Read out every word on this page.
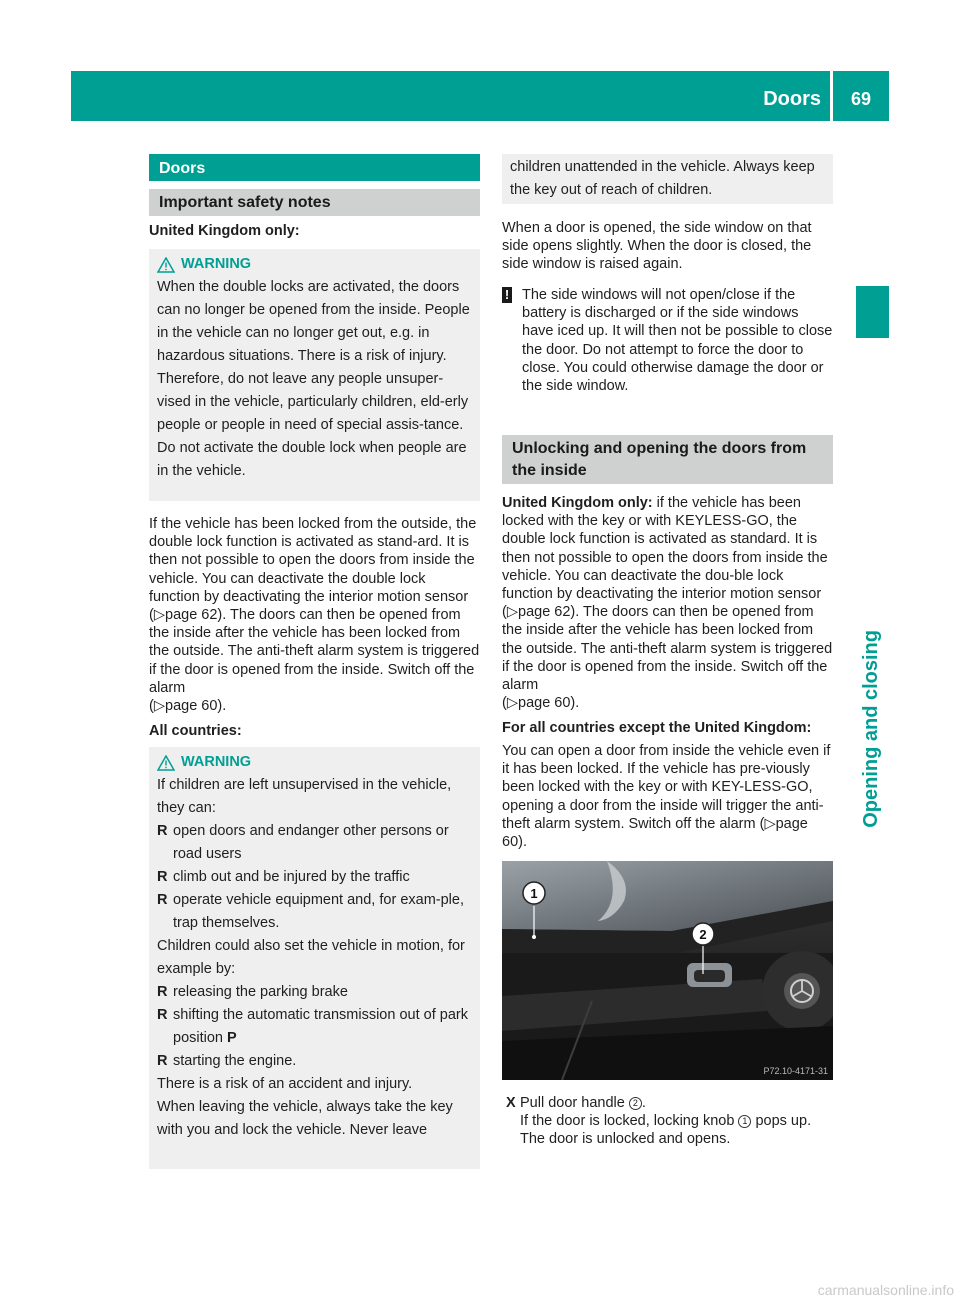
Doors 69
Opening and closing
Doors
Important safety notes
United Kingdom only:
WARNING

When the double locks are activated, the doors can no longer be opened from the inside. People in the vehicle can no longer get out, e.g. in hazardous situations. There is a risk of injury.

Therefore, do not leave any people unsuper-vised in the vehicle, particularly children, eld-erly people or people in need of special assis-tance. Do not activate the double lock when people are in the vehicle.

If the vehicle has been locked from the outside, the double lock function is activated as stand-ard. It is then not possible to open the doors from inside the vehicle. You can deactivate the double lock function by deactivating the interior motion sensor (▷page 62). The doors can then be opened from the inside after the vehicle has been locked from the outside. The anti-theft alarm system is triggered if the door is opened from the inside. Switch off the alarm
(▷page 60).
All countries:
WARNING

If children are left unsupervised in the vehicle, they can:

R open doors and endanger other persons or road users
R climb out and be injured by the traffic
R operate vehicle equipment and, for exam-ple, trap themselves.

Children could also set the vehicle in motion, for example by:

R releasing the parking brake
R shifting the automatic transmission out of park position P
R starting the engine.

There is a risk of an accident and injury.

When leaving the vehicle, always take the key with you and lock the vehicle. Never leave

children unattended in the vehicle. Always keep the key out of reach of children.

When a door is opened, the side window on that side opens slightly. When the door is closed, the side window is raised again.
! The side windows will not open/close if the battery is discharged or if the side windows have iced up. It will then not be possible to close the door. Do not attempt to force the door to close. You could otherwise damage the door or the side window.
Unlocking and opening the doors from the inside
United Kingdom only: if the vehicle has been locked with the key or with KEYLESS-GO, the double lock function is activated as standard. It is then not possible to open the doors from inside the vehicle. You can deactivate the dou-ble lock function by deactivating the interior motion sensor (▷page 62). The doors can then be opened from the inside after the vehicle has been locked from the outside. The anti-theft alarm system is triggered if the door is opened from the inside. Switch off the alarm
(▷page 60).
For all countries except the United Kingdom:
You can open a door from inside the vehicle even if it has been locked. If the vehicle has pre-viously been locked with the key or with KEY-LESS-GO, opening a door from the inside will trigger the anti-theft alarm system. Switch off the alarm (▷page 60).
1
2
P72.10-4171-31
X Pull door handle 2 .
If the door is locked, locking knob 1 pops up.
The door is unlocked and opens.
carmanualsonline.info
